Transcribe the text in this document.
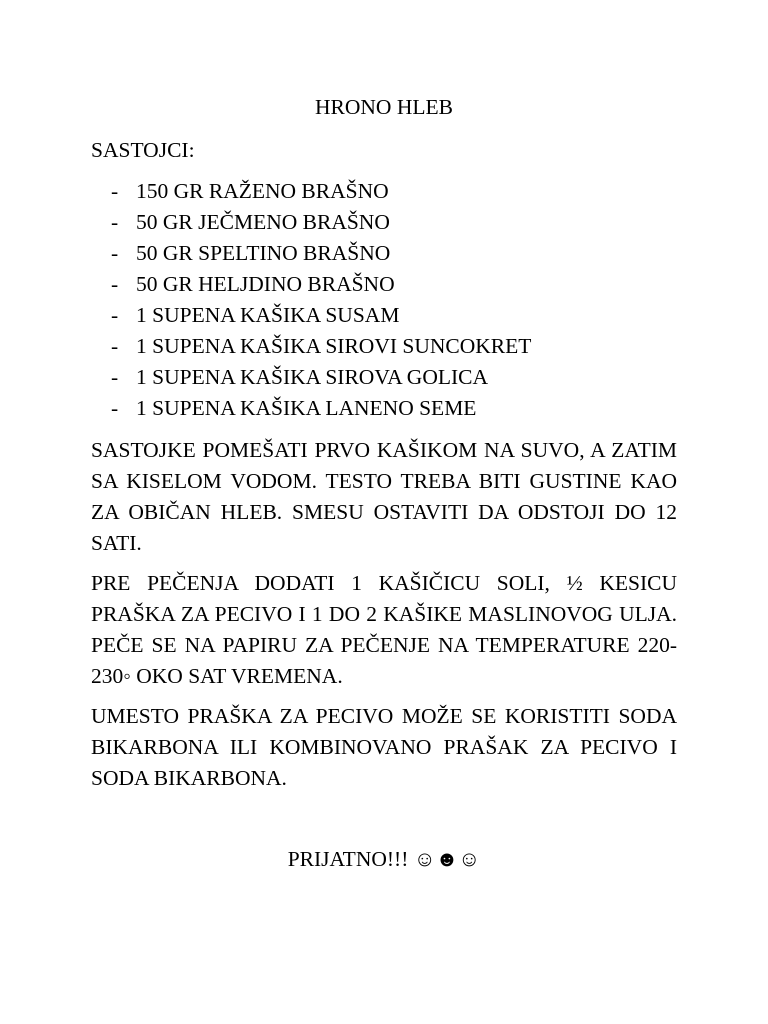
HRONO HLEB
SASTOJCI:
- 150 GR RAŽENO BRAŠNO
- 50 GR JEČMENO BRAŠNO
- 50 GR SPELTINO BRAŠNO
- 50 GR HELJDINO BRAŠNO
- 1 SUPENA KAŠIKA SUSAM
- 1 SUPENA KAŠIKA SIROVI SUNCOKRET
- 1 SUPENA KAŠIKA SIROVA GOLICA
- 1 SUPENA KAŠIKA LANENO SEME

SASTOJKE POMEŠATI PRVO KAŠIKOM NA SUVO, A ZATIM SA KISELOM VODOM. TESTO TREBA BITI GUSTINE KAO ZA OBIČAN HLEB. SMESU OSTAVITI DA ODSTOJI DO 12 SATI.

PRE PEČENJA DODATI 1 KAŠIČICU SOLI, ½ KESICU PRAŠKA ZA PECIVO I 1 DO 2 KAŠIKE MASLINOVOG ULJA. PEČE SE NA PAPIRU ZA PEČENJE NA TEMPERATURE 220-230◦ OKO SAT VREMENA.

UMESTO PRAŠKA ZA PECIVO MOŽE SE KORISTITI SODA BIKARBONA ILI KOMBINOVANO PRAŠAK ZA PECIVO I SODA BIKARBONA.

PRIJATNO!!! ☺☻☺
